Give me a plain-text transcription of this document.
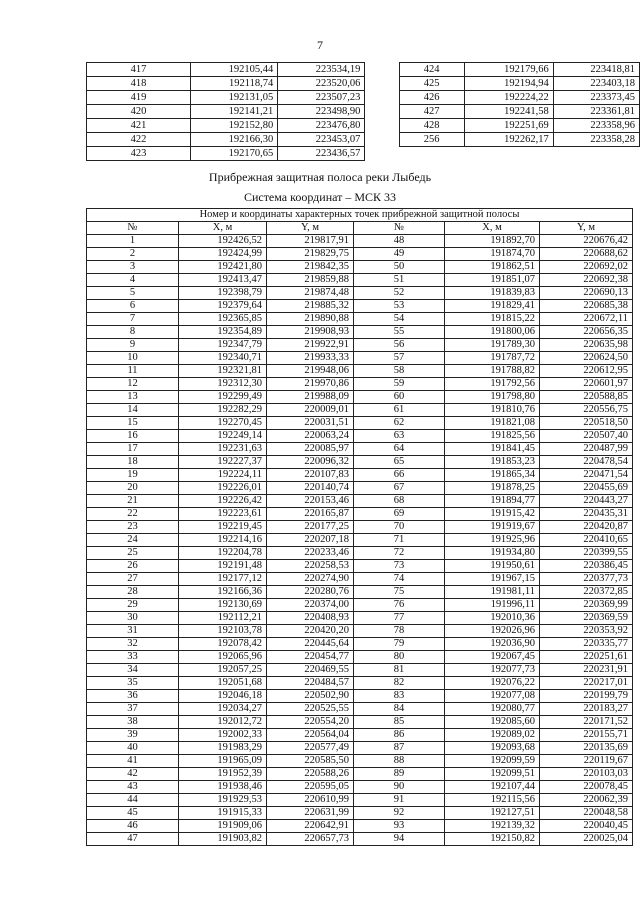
7
417	192105,44	223534,19		424	192179,66	223418,81
418	192118,74	223520,06		425	192194,94	223403,18
419	192131,05	223507,23		426	192224,22	223373,45
420	192141,21	223498,90		427	192241,58	223361,81
421	192152,80	223476,80		428	192251,69	223358,96
422	192166,30	223453,07		256	192262,17	223358,28
423	192170,65	223436,57				
Прибрежная защитная полоса реки Лыбедь
Система координат – МСК 33
Номер и координаты характерных точек прибрежной защитной полосы					
№	X, м	Y, м	№	X, м	Y, м
1	192426,52	219817,91	48	191892,70	220676,42
2	192424,99	219829,75	49	191874,70	220688,62
3	192421,80	219842,35	50	191862,51	220692,02
4	192413,47	219859,88	51	191851,07	220692,38
5	192398,79	219874,48	52	191839,83	220690,13
6	192379,64	219885,32	53	191829,41	220685,38
7	192365,85	219890,88	54	191815,22	220672,11
8	192354,89	219908,93	55	191800,06	220656,35
9	192347,79	219922,91	56	191789,30	220635,98
10	192340,71	219933,33	57	191787,72	220624,50
11	192321,81	219948,06	58	191788,82	220612,95
12	192312,30	219970,86	59	191792,56	220601,97
13	192299,49	219988,09	60	191798,80	220588,85
14	192282,29	220009,01	61	191810,76	220556,75
15	192270,45	220031,51	62	191821,08	220518,50
16	192249,14	220063,24	63	191825,56	220507,40
17	192231,63	220085,97	64	191841,45	220487,99
18	192227,37	220096,32	65	191853,23	220478,54
19	192224,11	220107,83	66	191865,34	220471,54
20	192226,01	220140,74	67	191878,25	220455,69
21	192226,42	220153,46	68	191894,77	220443,27
22	192223,61	220165,87	69	191915,42	220435,31
23	192219,45	220177,25	70	191919,67	220420,87
24	192214,16	220207,18	71	191925,96	220410,65
25	192204,78	220233,46	72	191934,80	220399,55
26	192191,48	220258,53	73	191950,61	220386,45
27	192177,12	220274,90	74	191967,15	220377,73
28	192166,36	220280,76	75	191981,11	220372,85
29	192130,69	220374,00	76	191996,11	220369,99
30	192112,21	220408,93	77	192010,36	220369,59
31	192103,78	220420,20	78	192026,96	220353,92
32	192078,42	220445,64	79	192036,90	220335,77
33	192065,96	220454,77	80	192067,45	220251,61
34	192057,25	220469,55	81	192077,73	220231,91
35	192051,68	220484,57	82	192076,22	220217,01
36	192046,18	220502,90	83	192077,08	220199,79
37	192034,27	220525,55	84	192080,77	220183,27
38	192012,72	220554,20	85	192085,60	220171,52
39	192002,33	220564,04	86	192089,02	220155,71
40	191983,29	220577,49	87	192093,68	220135,69
41	191965,09	220585,50	88	192099,59	220119,67
42	191952,39	220588,26	89	192099,51	220103,03
43	191938,46	220595,05	90	192107,44	220078,45
44	191929,53	220610,99	91	192115,56	220062,39
45	191915,33	220631,99	92	192127,51	220048,58
46	191909,06	220642,91	93	192139,32	220040,45
47	191903,82	220657,73	94	192150,82	220025,04
